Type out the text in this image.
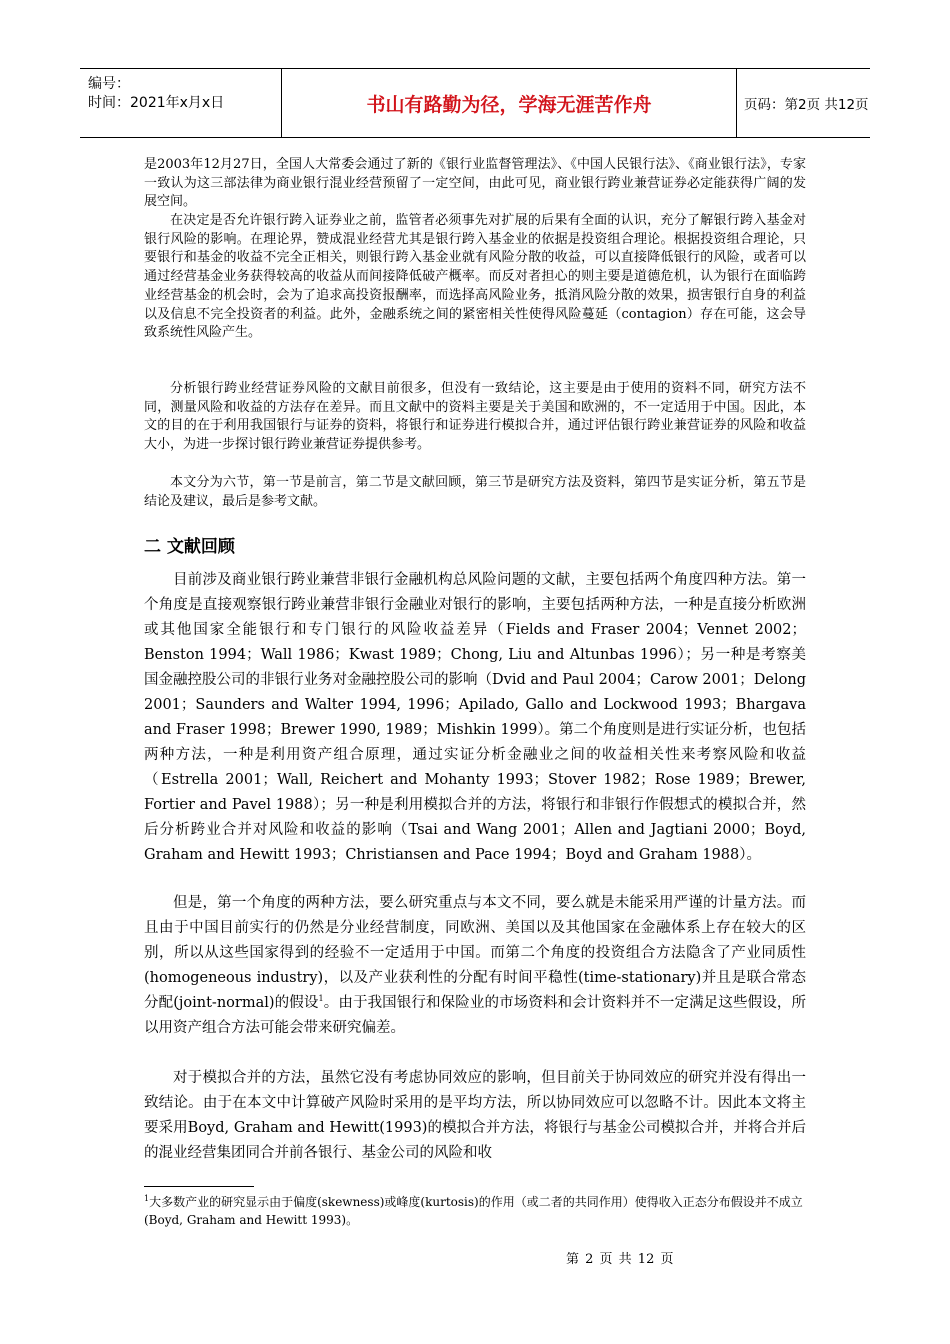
编号：
时间：2021年x月x日	书山有路勤为径，学海无涯苦作舟	页码：第2页 共12页

是2003年12月27日，全国人大常委会通过了新的《银行业监督管理法》、《中国人民银行法》、《商业银行法》，专家一致认为这三部法律为商业银行混业经营预留了一定空间，由此可见，商业银行跨业兼营证券必定能获得广阔的发展空间。

在决定是否允许银行跨入证券业之前，监管者必须事先对扩展的后果有全面的认识，充分了解银行跨入基金对银行风险的影响。在理论界，赞成混业经营尤其是银行跨入基金业的依据是投资组合理论。根据投资组合理论，只要银行和基金的收益不完全正相关，则银行跨入基金业就有风险分散的收益，可以直接降低银行的风险，或者可以通过经营基金业务获得较高的收益从而间接降低破产概率。而反对者担心的则主要是道德危机，认为银行在面临跨业经营基金的机会时，会为了追求高投资报酬率，而选择高风险业务，抵消风险分散的效果，损害银行自身的利益以及信息不完全投资者的利益。此外，金融系统之间的紧密相关性使得风险蔓延（contagion）存在可能，这会导致系统性风险产生。

分析银行跨业经营证券风险的文献目前很多，但没有一致结论，这主要是由于使用的资料不同，研究方法不同，测量风险和收益的方法存在差异。而且文献中的资料主要是关于美国和欧洲的，不一定适用于中国。因此，本文的目的在于利用我国银行与证券的资料，将银行和证券进行模拟合并，通过评估银行跨业兼营证券的风险和收益大小，为进一步探讨银行跨业兼营证券提供参考。

本文分为六节，第一节是前言，第二节是文献回顾，第三节是研究方法及资料，第四节是实证分析，第五节是结论及建议，最后是参考文献。

二 文献回顾

目前涉及商业银行跨业兼营非银行金融机构总风险问题的文献，主要包括两个角度四种方法。第一个角度是直接观察银行跨业兼营非银行金融业对银行的影响，主要包括两种方法，一种是直接分析欧洲或其他国家全能银行和专门银行的风险收益差异（Fields and Fraser 2004；Vennet 2002；Benston 1994；Wall 1986；Kwast 1989；Chong, Liu and Altunbas 1996）；另一种是考察美国金融控股公司的非银行业务对金融控股公司的影响（Dvid and Paul 2004；Carow 2001；Delong 2001；Saunders and Walter 1994, 1996；Apilado, Gallo and Lockwood 1993；Bhargava and Fraser 1998；Brewer 1990, 1989；Mishkin 1999）。第二个角度则是进行实证分析，也包括两种方法，一种是利用资产组合原理，通过实证分析金融业之间的收益相关性来考察风险和收益（Estrella 2001；Wall, Reichert and Mohanty 1993；Stover 1982；Rose 1989；Brewer, Fortier and Pavel 1988）；另一种是利用模拟合并的方法，将银行和非银行作假想式的模拟合并，然后分析跨业合并对风险和收益的影响（Tsai and Wang 2001；Allen and Jagtiani 2000；Boyd, Graham and Hewitt 1993；Christiansen and Pace 1994；Boyd and Graham 1988）。

但是，第一个角度的两种方法，要么研究重点与本文不同，要么就是未能采用严谨的计量方法。而且由于中国目前实行的仍然是分业经营制度，同欧洲、美国以及其他国家在金融体系上存在较大的区别，所以从这些国家得到的经验不一定适用于中国。而第二个角度的投资组合方法隐含了产业同质性(homogeneous industry)，以及产业获利性的分配有时间平稳性(time-stationary)并且是联合常态分配(joint-normal)的假设$^1$。由于我国银行和保险业的市场资料和会计资料并不一定满足这些假设，所以用资产组合方法可能会带来研究偏差。

对于模拟合并的方法，虽然它没有考虑协同效应的影响，但目前关于协同效应的研究并没有得出一致结论。由于在本文中计算破产风险时采用的是平均方法，所以协同效应可以忽略不计。因此本文将主要采用Boyd, Graham and Hewitt(1993)的模拟合并方法，将银行与基金公司模拟合并，并将合并后的混业经营集团同合并前各银行、基金公司的风险和收

$^1$大多数产业的研究显示由于偏度(skewness)或峰度(kurtosis)的作用（或二者的共同作用）使得收入正态分布假设并不成立(Boyd, Graham and Hewitt 1993)。

第 2 页 共 12 页
